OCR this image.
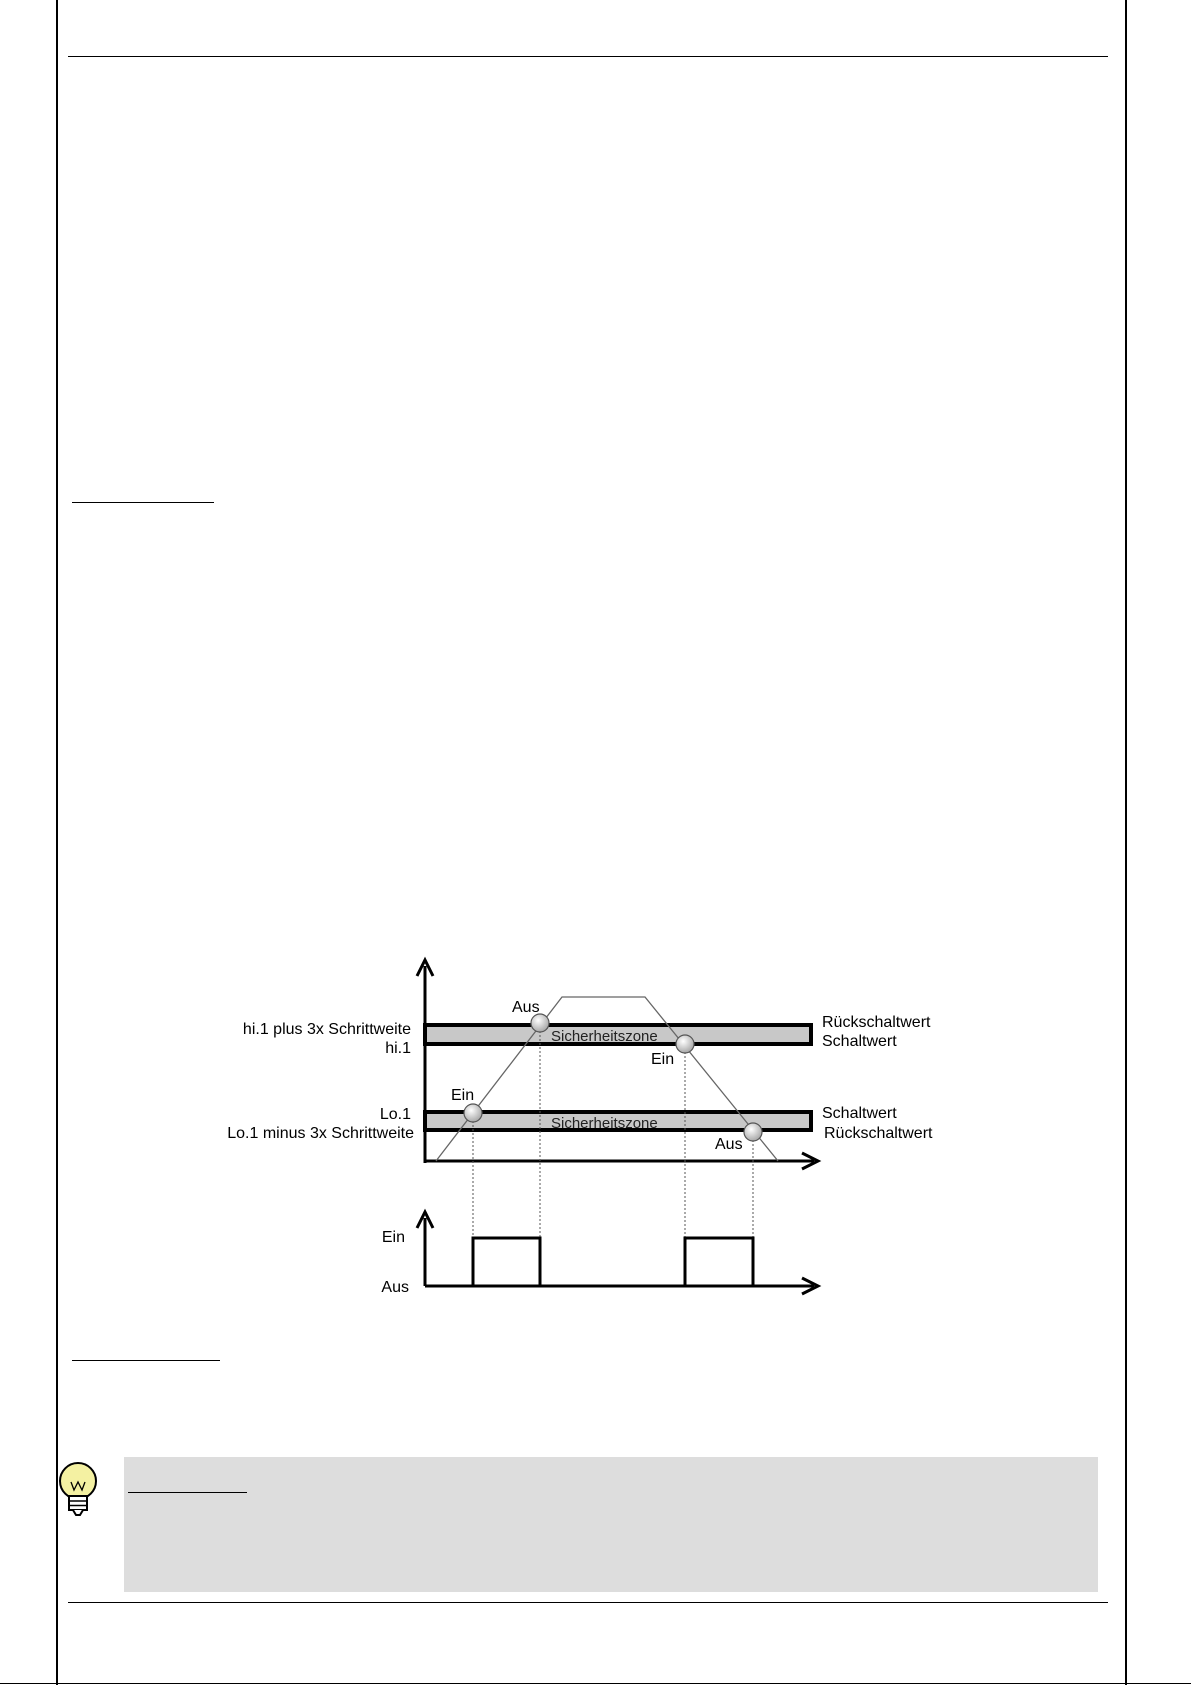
Sicherheitszone
Sicherheitszone
Aus
Ein
Ein
Aus
hi.1 plus 3x Schrittweite
hi.1
Lo.1
Lo.1 minus 3x Schrittweite
Rückschaltwert
Schaltwert
Schaltwert
Rückschaltwert
Ein
Aus
